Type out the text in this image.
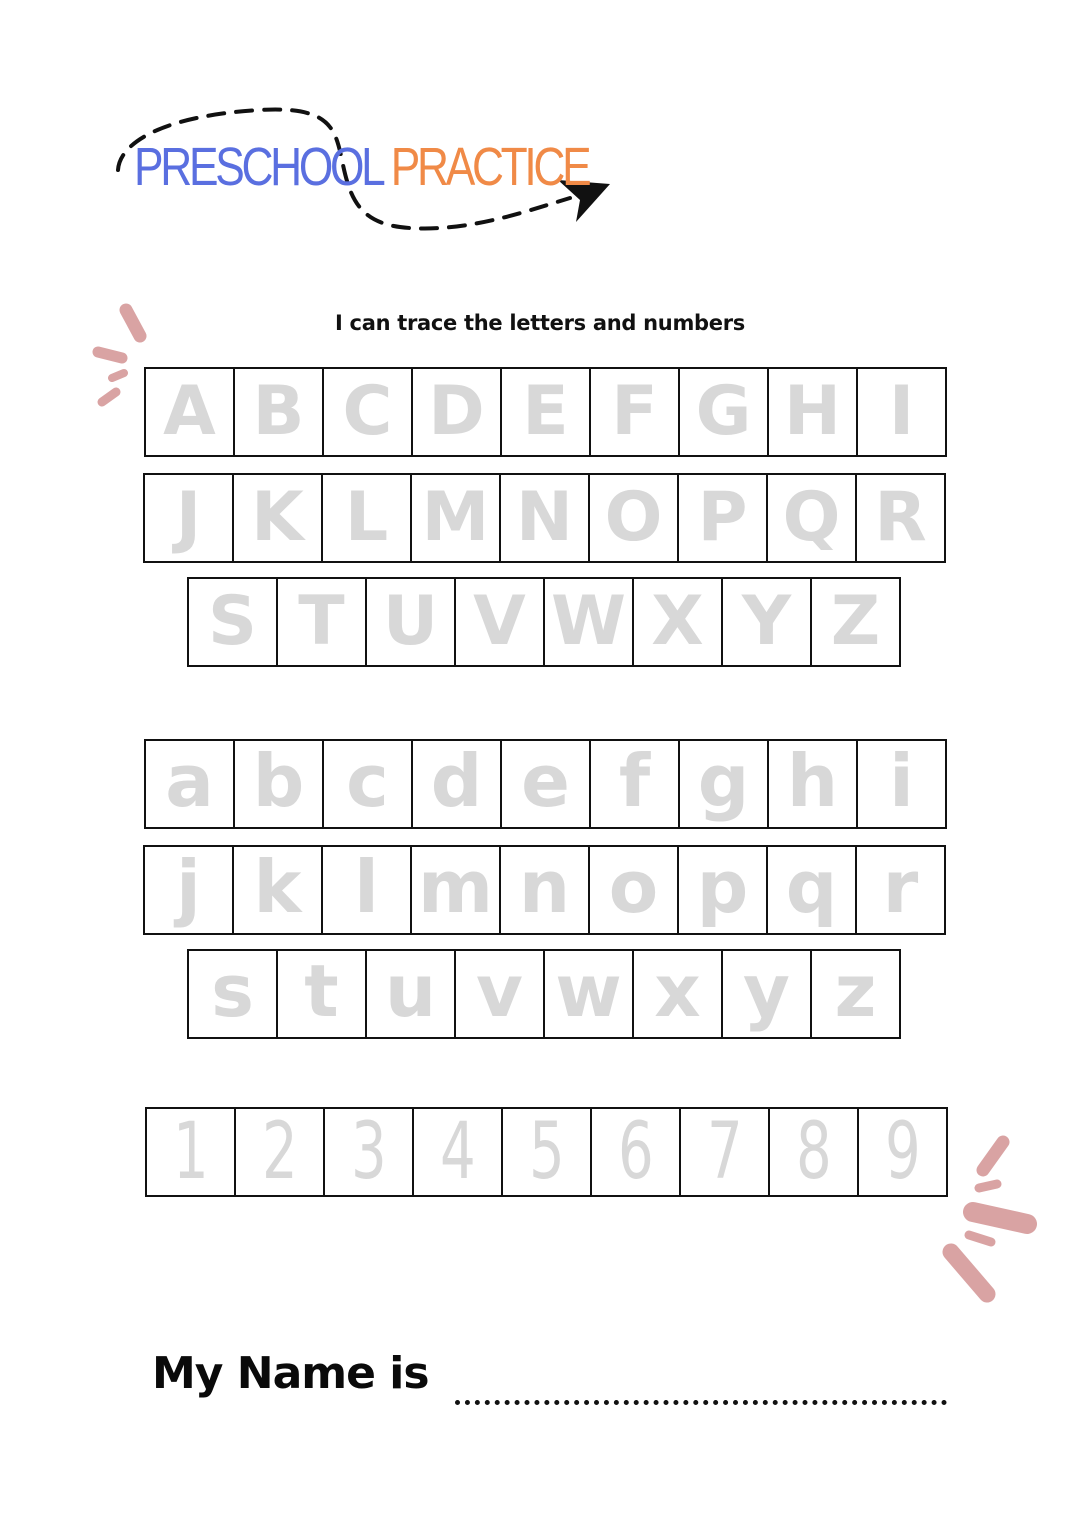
PRESCHOOL PRACTICE
I can trace the letters and numbers
A B C D E F G H I
J K L M N O P Q R
S T U V W X Y Z
a b c d e f g h i
j k l m n o p q r
s t u v w x y z
1 2 3 4 5 6 7 8 9
My Name is
